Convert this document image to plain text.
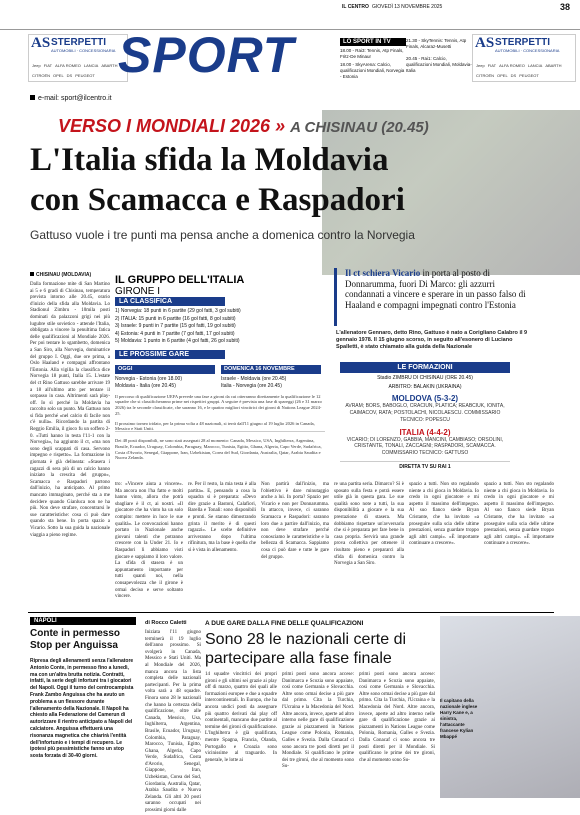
IL CENTRO GIOVEDÌ 13 NOVEMBRE 2025	38
AS STERPETTI
AUTOMOBILI · CONCESSIONARIA
Jeep FIAT ALFA ROMEO LANCIA ABARTH
CITROËN OPEL DS PEUGEOT SPORT	LO SPORT IN TV
18.00 - Rai3: Tennis, Atp Finals, Fritz-De Minaur
18.00 - SkyArena: Calcio, qualificazioni Mondiali, Norvegia - Estonia
21.30 - SkyTennis: Tennis, Atp Finals, Alcaraz-Musetti
20.45 - Rai1: Calcio, qualificazioni Mondiali, Moldavia-Italia
AS STERPETTI
AUTOMOBILI · CONCESSIONARIA
Jeep FIAT ALFA ROMEO LANCIA ABARTH
CITROËN OPEL DS PEUGEOT
e-mail: sport@ilcentro.it
VERSO I MONDIALI 2026 » A CHISINAU (20.45)
L'Italia sfida la Moldavia
con Scamacca e Raspadori
Gattuso vuole i tre punti ma pensa anche a domenica contro la Norvegia
CHISINAU (MOLDAVIA)
Dalla formazione mite di San Martino ai 5 e 6 gradi di Chisinau, temperatura prevista intorno alle 20.45, orario d'inizio della sfida alla Moldavia. Lo Stadionul Zimbru - 10mila posti dominati da palazzoni grigi nei più lugubre stile sovietico - attende l'Italia, obbligata a vincere la penultima fatica delle qualificazioni al Mondiale 2026. Per poi tentare lo sgambetto, domenica a San Siro, alla Norvegia, dominatrice del gruppo I. Oggi, due ore prima, a Oslo Haaland e compagni affrontano l'Estonia. Alla vigilia la classifica dice Norvegia 18 punti, Italia 15. L'estate del ct Rino Gattuso sarebbe arrivare 19 a 18 all'ultimo atto per tentare il sorpasso in casa. Altrimenti sarà play-off. Io sì perché la Moldavia ha raccolto solo un punto. Ma Gattuso non si fida perché «nel calcio di facile non c'è nulla». Ricordando la partita di Reggio Emilia, il gioco fu un soffero 2-0. «Tutti hanno in testa l'11-1 con la Norvegia», ha aggiunto il ct, «ma non sono degli scappati di casa. Servono impegno e rispetto». La formazione in giornata è già delineata: «Stasera i ragazzi di sera più di un calcio hanno iniziato la crescita del gruppo», Scamacca e Raspadori partono dall'inizio, ha anticipato. Al primo mancato immaginato, perché sta a me decidere quando Gianluca non ne ha più. Non deve strafare, concentrarsi le sue caratteristiche: cosa ci può dare quando sta bene. In porta spazio a Vicario. Sotto la sua guida la nazionale viaggia a pieno regime.
IL GRUPPO DELL'ITALIA
GIRONE I
LA CLASSIFICA
1) Norvegia: 18 punti in 6 partite (29 gol fatti, 3 gol subiti)
2) ITALIA: 15 punti in 6 partite (16 gol fatti, 8 gol subiti)
3) Israele: 9 punti in 7 partite (15 gol fatti, 19 gol subiti)
4) Estonia: 4 punti in 7 partite (7 gol fatti, 17 gol subiti)
5) Moldavia: 1 punto in 6 partite (4 gol fatti, 26 gol subiti)
LE PROSSIME GARE
OGGI
Norvegia - Estonia (ore 18.00)
Moldavia - Italia (ore 20.45)
DOMENICA 16 NOVEMBRE
Israele - Moldavia (ore 20.45)
Italia - Norvegia (ore 20.45)
Il percorso di qualificazione UEFA prevede una fase a gironi da cui otterranno direttamente la qualificazione le 12 squadre che si classificheranno prime nei rispettivi gruppi. A seguire è prevista una fase di spareggi (26 e 31 marzo 2026) tra le seconde classificate, che saranno 16, e le quattro migliori vincitrici dei gironi di Nations League 2024-25.
Il prossimo torneo iridato, per la prima volta a 48 nazionali, si terrà dall'11 giugno al 19 luglio 2026 in Canada, Messico e Stati Uniti.
Dei 48 posti disponibili, ne sono stati assegnati 28 al momento: Canada, Messico, USA, Inghilterra, Argentina, Brasile, Ecuador, Uruguay, Colombia, Paraguay, Marocco, Tunisia, Egitto, Ghana, Algeria, Capo Verde, Sudafrica, Costa d'Avorio, Senegal, Giappone, Iran, Uzbekistan, Corea del Sud, Giordania, Australia, Qatar, Arabia Saudita e Nuova Zelanda.
Il ct schiera Vicario in porta al posto di Donnarumma, fuori Di Marco: gli azzurri condannati a vincere e sperare in un passo falso di Haaland e compagni impegnati contro l'Estonia
L'allenatore Gennaro, detto Rino, Gattuso è nato a Corigliano Calabro il 9 gennaio 1978. Il 15 giugno scorso, in seguito all'esonero di Luciano Spalletti, è stato chiamato alla guida della Nazionale
LE FORMAZIONI
Stadio ZIMBRU DI CHISINAU (ORE 20.45)
ARBITRO: BALAKIN (UKRAINA)
MOLDOVA (5-3-2)
AVRAM; BORS, BABOGLO, CRACIUN, PLATICA; REABCIUK, IONITA, CAIMACOV, RATA; POSTOLACHI, NICOLAESCU. COMMISSARIO TECNICO: POPESCU
ITALIA (4-4-2)
VICARIO; DI LORENZO, GABBIA, MANCINI, CAMBIASO; ORSOLINI, CRISTANTE, TONALI, ZACCAGNI; RASPADORI, SCAMACCA. COMMISSARIO TECNICO: GATTUSO
DIRETTA TV SU RAI 1
tro: «Vincere aiuta a vincere». Ma ancora non l'ha fatto e molti hanno vinto, allora che potrà sbagliare è il ct, ai nostri. «Il giocatore che ha vinto ha un solo compito: mettere in luce le sue qualità». Le convocazioni hanno portato in Nazionale anche giovani talenti che potranno crescere con la Under 21. Io e Raspadori li abbiamo visti giocare e sappiamo il loro valore. La sfida di stasera è un appuntamento importante per tutti quanti noi, nella consapevolezza che il girone è ormai deciso e serve soltanto vincere.
re. Per il resto, la mia testa è alla partita». E, pensando a cosa la squadra si è preparata: «Devo dire grazie a Bastoni, Calafiori, Barella e Tonali: sono disponibili e pronti. Se stanno dimostrando grinta il merito è di questi ragazzi». Le scelte definitive arriveranno dopo l'ultima rifinitura, ma la base è quella che si è vista in allenamento.
Non partirà dall'inizio, ma l'obiettivo è dare minutaggio anche a lui. In porta? Spazio per Vicario e non per Donnarumma. In attacco, invece, ci saranno Scamacca e Raspadori: saranno loro due a partire dall'inizio, ma non deve strafare perché conosciamo le caratteristiche e la bellezza di Scamacca. Sappiamo cosa ci può dare e tutte le gare del gruppo.
re una partita seria. Dimarco? Sì è sposato sulla festa e potrà essere utile già in questa gara. Le sue qualità sono note a tutti, la sua disponibilità a giocare e la sua prestazione di stasera. Ma dobbiamo rispettare un'avversaria che si è preparata per fare bene in casa propria. Servirà una grande prova collettiva per ottenere il risultato pieno e prepararci alla sfida di domenica contro la Norvegia a San Siro.
spazio a tutti. Non sto regalando niente a chi gioca in Moldavia. Io credo in ogni giocatore e mi aspetto il massimo dell'impegno. Al suo fianco siede Bryan Cristante, che ha invitato «a proseguire sulla scia delle ultime prestazioni, senza guardare troppo agli altri campi». «È importante continuare a crescere».
spazio a tutti. Non sto regalando niente a chi gioca in Moldavia. Io credo in ogni giocatore e mi aspetto il massimo dell'impegno. Al suo fianco siede Bryan Cristante, che ha invitato «a proseguire sulla scia delle ultime prestazioni, senza guardare troppo agli altri campi». «È importante continuare a crescere».
NAPOLI
Conte in permesso Stop per Anguissa
Ripresa degli allenamenti senza l'allenatore Antonio Conte, in permesso fino a lunedì, ma con un'altra brutta notizia. Contratti, infatti, la serie degli infortuni tra i giocatori del Napoli. Oggi il turno del centrocampista Frank Zambo Anguissa che ha avuto un problema a un flessore durante l'allenamento della Nazionale. Il Napoli ha chiesto alla Federazione del Camerun di autorizzare il rientro anticipato a Napoli del calciatore. Anguissa effettuerà una risonanza magnetica che chiarirà l'entità dell'infortunio e i tempi di recupero. Le ipotesi più pessimistiche fanno un stop sosta forzata di 30-40 giorni.
di Rocco Caletti	A DUE GARE DALLA FINE DELLE QUALIFICAZIONI
Sono 28 le nazionali certe di partecipare alla fase finale
Iniziata l'11 giugno terminerà il 19 luglio dell'anno prossimo. Si svolgerà in Canada, Messico e Stati Uniti. Ma al Mondiale del 2026, manca ancora la lista completa delle nazionali partecipanti. Per la prima volta sarà a 48 squadre. Finora sono 28 le nazionali che hanno la certezza della qualificazione, oltre alle Canada, Messico, Usa, Inghilterra, Argentina, Brasile, Ecuador, Uruguay, Colombia, Paraguay, Marocco, Tunisia, Egitto, Ghana, Algeria, Capo Verde, Sudafrica, Costa d'Avorio, Senegal, Giappone, Iran, Uzbekistan, Corea del Sud, Giordania, Australia, Qatar, Arabia Saudita e Nuova Zelanda. Gli altri 20 posti saranno occupati nei prossimi giorni dalle
14 squadre vincitrici dei propri gironi e gli ultimi sei grazie ai play off di marzo, quattro dei quali alle formazioni europee e due a squadre intercontinentali. In Europa, che ha ancora undici posti da assegnare più quattro derivati dai play off continentali, mancano due partite al termine dei gironi di qualificazione. L'Inghilterra è già qualificata, mentre Spagna, Francia, Olanda, Portogallo e Croazia sono vicinissime al traguardo. In generale, le lotte ai
primi posti sono ancora accese: Danimarca e Scozia sono appaiate, così come Germania e Slovacchia. Altre sono ormai decise a più gare dal primo. Cita la Turchia, l'Ucraina e la Macedonia del Nord. Altre ancora, invece, aperte ad altro interno nelle gare di qualificazione grazie ai piazzamenti in Nations League come Polonia, Romania, Galles e Svezia. Dalla Conacaf ci sono ancora tre posti diretti per il Mondiale. Si qualificano le prime dei tre gironi, che al momento sono Su-
primi posti sono ancora accese: Danimarca e Scozia sono appaiate, così come Germania e Slovacchia. Altre sono ormai decise a più gare dal primo. Cita la Turchia, l'Ucraina e la Macedonia del Nord. Altre ancora, invece, aperte ad altro interno nelle gare di qualificazione grazie ai piazzamenti in Nations League come Polonia, Romania, Galles e Svezia. Dalla Conacaf ci sono ancora tre posti diretti per il Mondiale. Si qualificano le prime dei tre gironi, che al momento sono Su-
Il capitano della nazionale inglese Harry Kane e, a sinistra, l'attaccante francese Kylian Mbappé
